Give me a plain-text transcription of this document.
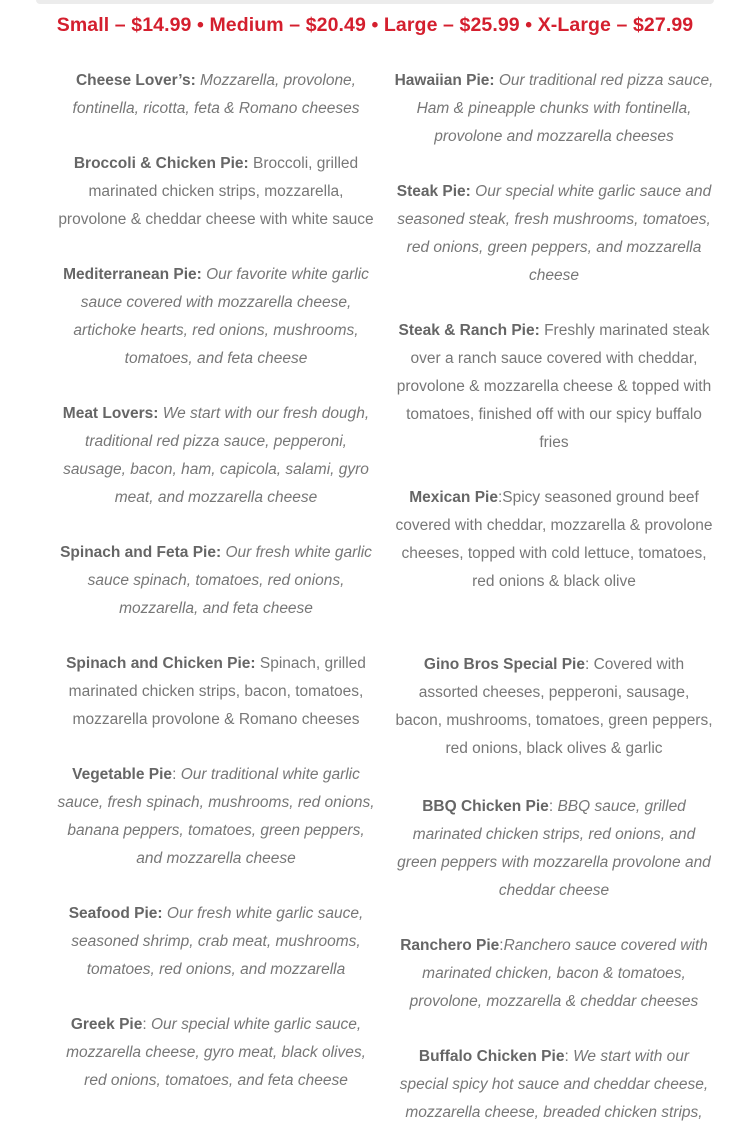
Small – $14.99 • Medium – $20.49 • Large – $25.99 • X-Large – $27.99

Cheese Lover’s: Mozzarella, provolone, fontinella, ricotta, feta & Romano cheeses

Broccoli & Chicken Pie: Broccoli, grilled marinated chicken strips, mozzarella, provolone & cheddar cheese with white sauce

Mediterranean Pie: Our favorite white garlic sauce covered with mozzarella cheese, artichoke hearts, red onions, mushrooms, tomatoes, and feta cheese

Meat Lovers: We start with our fresh dough, traditional red pizza sauce, pepperoni, sausage, bacon, ham, capicola, salami, gyro meat, and mozzarella cheese

Spinach and Feta Pie: Our fresh white garlic sauce spinach, tomatoes, red onions, mozzarella, and feta cheese

Spinach and Chicken Pie: Spinach, grilled marinated chicken strips, bacon, tomatoes, mozzarella provolone & Romano cheeses

Vegetable Pie: Our traditional white garlic sauce, fresh spinach, mushrooms, red onions, banana peppers, tomatoes, green peppers, and mozzarella cheese

Seafood Pie: Our fresh white garlic sauce, seasoned shrimp, crab meat, mushrooms, tomatoes, red onions, and mozzarella

Greek Pie: Our special white garlic sauce, mozzarella cheese, gyro meat, black olives, red onions, tomatoes, and feta cheese

Hawaiian Pie: Our traditional red pizza sauce, Ham & pineapple chunks with fontinella, provolone and mozzarella cheeses

Steak Pie: Our special white garlic sauce and seasoned steak, fresh mushrooms, tomatoes, red onions, green peppers, and mozzarella cheese

Steak & Ranch Pie: Freshly marinated steak over a ranch sauce covered with cheddar, provolone & mozzarella cheese & topped with tomatoes, finished off with our spicy buffalo fries

Mexican Pie:Spicy seasoned ground beef covered with cheddar, mozzarella & provolone cheeses, topped with cold lettuce, tomatoes, red onions & black olive

Gino Bros Special Pie: Covered with assorted cheeses, pepperoni, sausage, bacon, mushrooms, tomatoes, green peppers, red onions, black olives & garlic

BBQ Chicken Pie: BBQ sauce, grilled marinated chicken strips, red onions, and green peppers with mozzarella provolone and cheddar cheese

Ranchero Pie:Ranchero sauce covered with marinated chicken, bacon & tomatoes, provolone, mozzarella & cheddar cheeses

Buffalo Chicken Pie: We start with our special spicy hot sauce and cheddar cheese, mozzarella cheese, breaded chicken strips,
